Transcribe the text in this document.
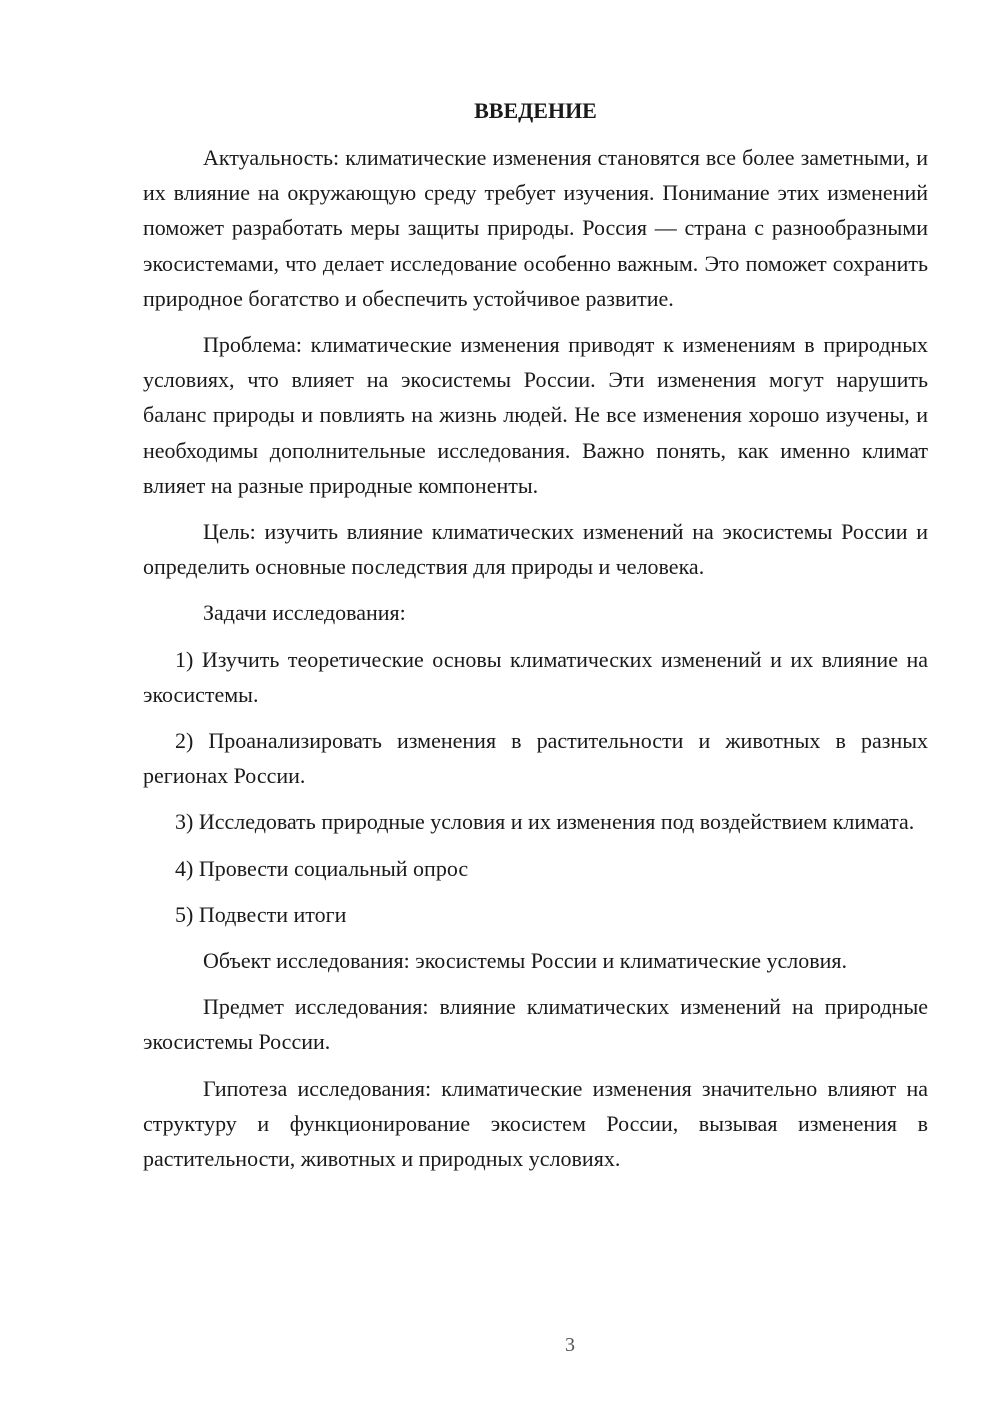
ВВЕДЕНИЕ

Актуальность: климатические изменения становятся все более заметными, и их влияние на окружающую среду требует изучения. Понимание этих изменений поможет разработать меры защиты природы. Россия — страна с разнообразными экосистемами, что делает исследование особенно важным. Это поможет сохранить природное богатство и обеспечить устойчивое развитие.

Проблема: климатические изменения приводят к изменениям в природных условиях, что влияет на экосистемы России. Эти изменения могут нарушить баланс природы и повлиять на жизнь людей. Не все изменения хорошо изучены, и необходимы дополнительные исследования. Важно понять, как именно климат влияет на разные природные компоненты.

Цель: изучить влияние климатических изменений на экосистемы России и определить основные последствия для природы и человека.

Задачи исследования:

1) Изучить теоретические основы климатических изменений и их влияние на экосистемы.

2) Проанализировать изменения в растительности и животных в разных регионах России.

3) Исследовать природные условия и их изменения под воздействием климата.

4) Провести социальный опрос

5) Подвести итоги

Объект исследования: экосистемы России и климатические условия.

Предмет исследования: влияние климатических изменений на природные экосистемы России.

Гипотеза исследования: климатические изменения значительно влияют на структуру и функционирование экосистем России, вызывая изменения в растительности, животных и природных условиях.

3
